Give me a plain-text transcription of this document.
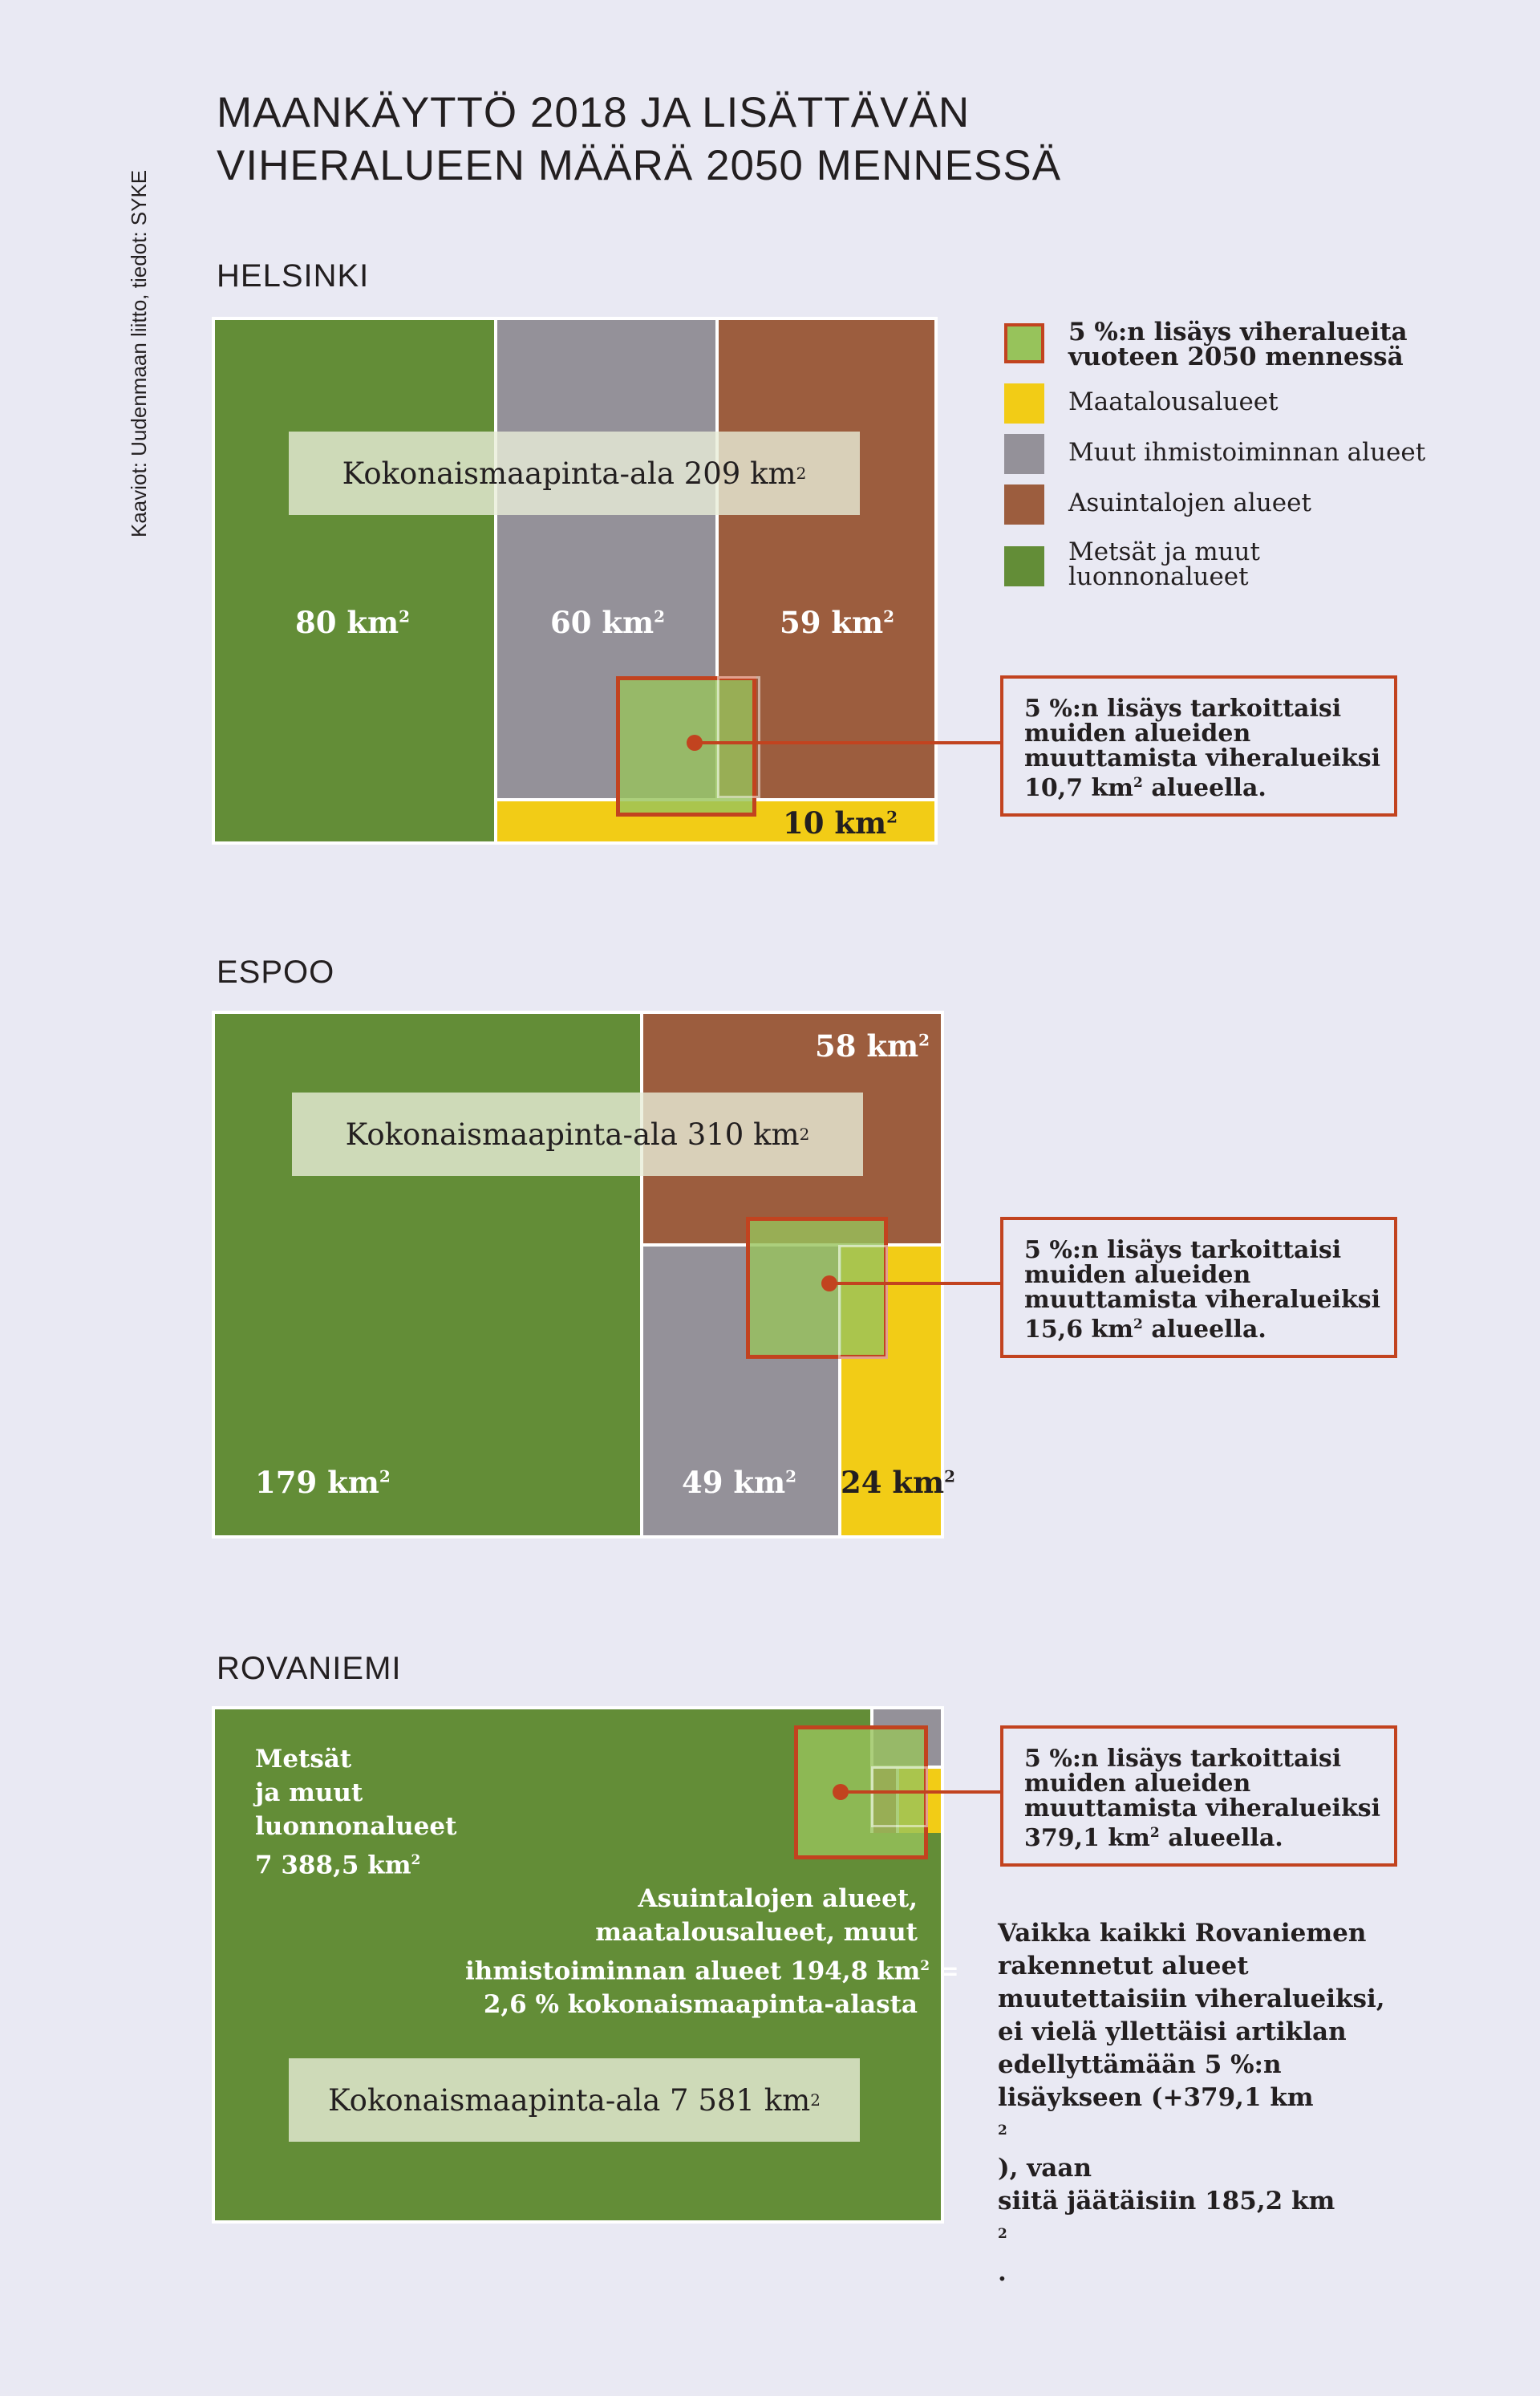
Kaaviot: Uudenmaan liitto, tiedot: SYKE
MAANKÄYTTÖ 2018 JA LISÄTTÄVÄN
VIHERALUEEN MÄÄRÄ 2050 MENNESSÄ
HELSINKI
Kokonaismaapinta-ala 209 km 2
80 $km^2$	60 $km^2$	59 $km^2$
10 $km^2$
5 %:n lisäys tarkoittaisi
muiden alueiden
muuttamista viheralueiksi
10,7 $km^2$ alueella.
5 %:n lisäys viheralueita
vuoteen 2050 mennessä
Maatalousalueet
Muut ihmistoiminnan alueet
Asuintalojen alueet
Metsät ja muut
luonnonalueet
ESPOO
Kokonaismaapinta-ala 310 km 2
179 $km^2$
58 $km^2$
49 $km^2$ 24 $km^2$
5 %:n lisäys tarkoittaisi
muiden alueiden
muuttamista viheralueiksi
15,6 $km^2$ alueella.
ROVANIEMI
Metsät
ja muut
luonnonalueet
7 388,5 $km^2$
Asuintalojen alueet,
maatalousalueet, muut
ihmistoiminnan alueet 194,8 $km^2$ =
2,6 % kokonaismaapinta-alasta
Kokonaismaapinta-ala 7 581 km 2
5 %:n lisäys tarkoittaisi
muiden alueiden
muuttamista viheralueiksi
379,1 $km^2$ alueella.
Vaikka kaikki Rovaniemen
rakennetut alueet
muutettaisiin viheralueiksi,
ei vielä yllettäisi artiklan
edellyttämään 5 %:n
lisäykseen (+379,1 km
$^2$
), vaan
siitä jäätäisiin 185,2 km
$^2$
.
